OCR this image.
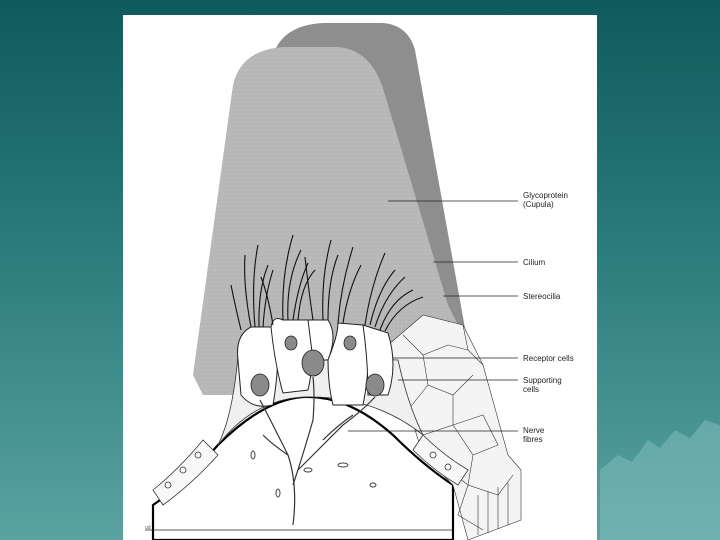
Glycoprotein
(Cupula)
Cilium
Stereocilia
Receptor cells
Supporting
cells
Nerve
fibres
ud
